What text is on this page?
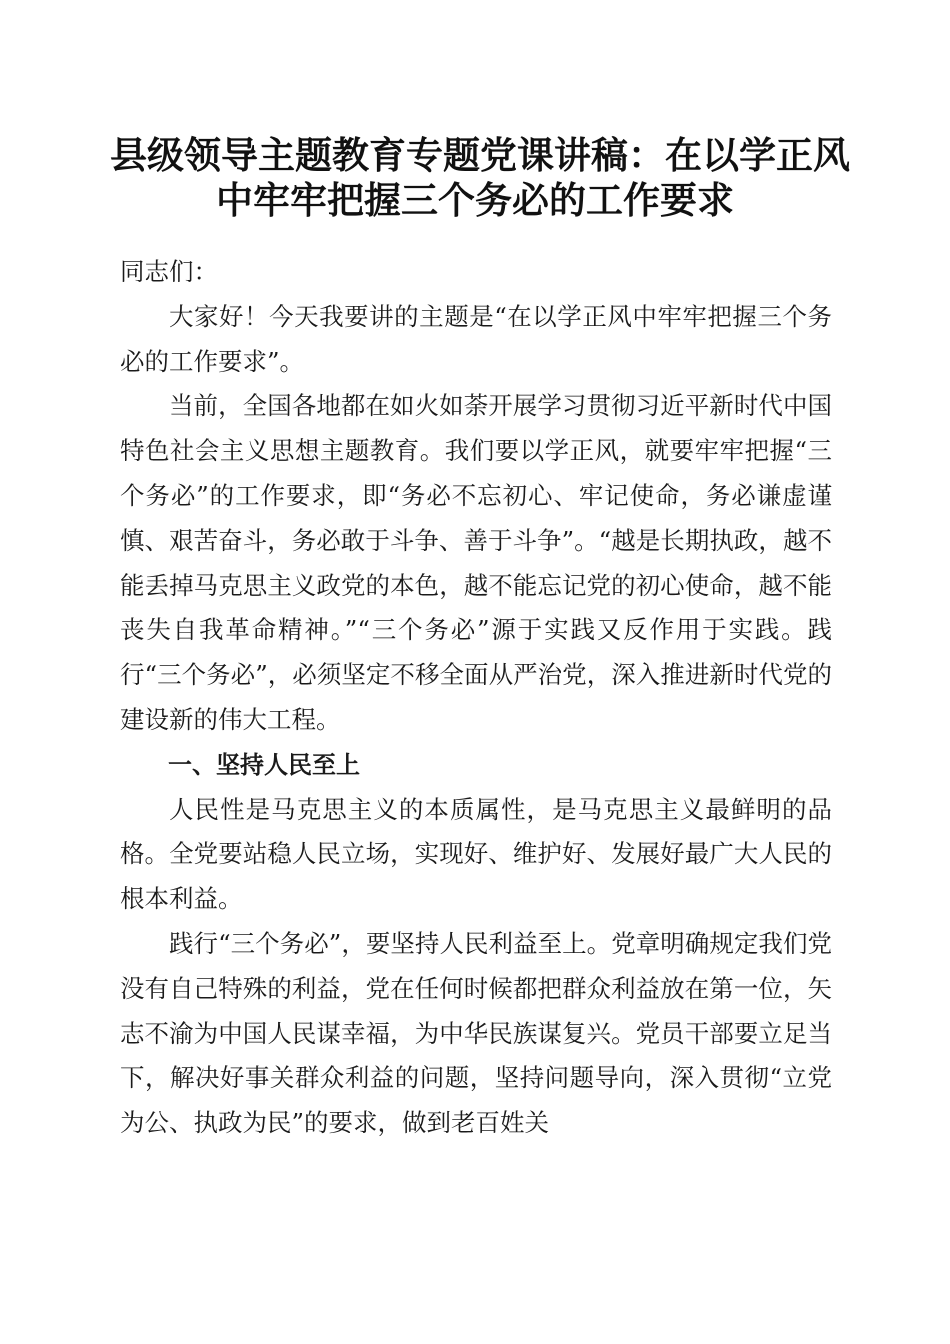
县级领导主题教育专题党课讲稿：在以学正风
中牢牢把握三个务必的工作要求

同志们：

大家好！今天我要讲的主题是“在以学正风中牢牢把握三个务必的工作要求”。

当前，全国各地都在如火如荼开展学习贯彻习近平新时代中国特色社会主义思想主题教育。我们要以学正风，就要牢牢把握“三个务必”的工作要求，即“务必不忘初心、牢记使命，务必谦虚谨慎、艰苦奋斗，务必敢于斗争、善于斗争”。“越是长期执政，越不能丢掉马克思主义政党的本色，越不能忘记党的初心使命，越不能丧失自我革命精神。”“三个务必”源于实践又反作用于实践。践行“三个务必”，必须坚定不移全面从严治党，深入推进新时代党的建设新的伟大工程。

一、坚持人民至上

人民性是马克思主义的本质属性，是马克思主义最鲜明的品格。全党要站稳人民立场，实现好、维护好、发展好最广大人民的根本利益。

践行“三个务必”，要坚持人民利益至上。党章明确规定我们党没有自己特殊的利益，党在任何时候都把群众利益放在第一位，矢志不渝为中国人民谋幸福，为中华民族谋复兴。党员干部要立足当下，解决好事关群众利益的问题，坚持问题导向，深入贯彻“立党为公、执政为民”的要求，做到老百姓关
